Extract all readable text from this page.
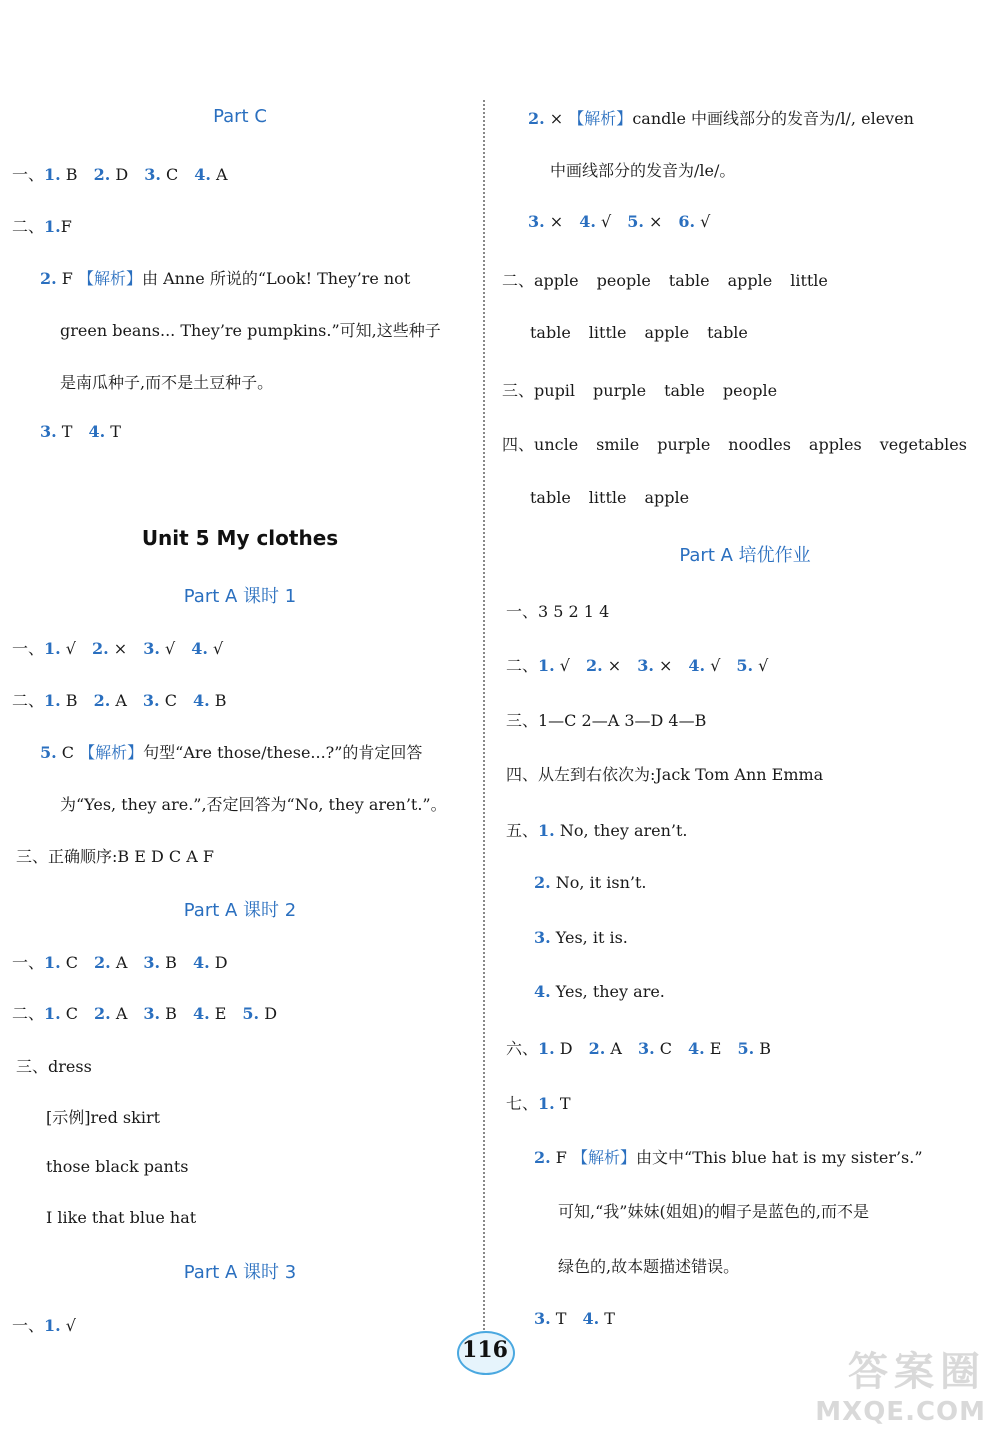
Part C
一、1. B 2. D 3. C 4. A
二、1.F
2. F 【解析】由 Anne 所说的“Look! They’re not
green beans... They’re pumpkins.”可知,这些种子
是南瓜种子,而不是土豆种子。
3. T 4. T
Unit 5 My clothes
Part A 课时 1
一、1. √ 2. × 3. √ 4. √
二、1. B 2. A 3. C 4. B
5. C 【解析】句型“Are those/these...?”的肯定回答
为“Yes, they are.”,否定回答为“No, they aren’t.”。
三、正确顺序:B E D C A F
Part A 课时 2
一、1. C 2. A 3. B 4. D
二、1. C 2. A 3. B 4. E 5. D
三、dress
[示例]red skirt
those black pants
I like that blue hat
Part A 课时 3
一、1. √
2. × 【解析】candle 中画线部分的发音为/l/, eleven
中画线部分的发音为/le/。
3. × 4. √ 5. × 6. √
二、apple people table apple little
table little apple table
三、pupil purple table people
四、uncle smile purple noodles apples vegetables
table little apple
Part A 培优作业
一、3 5 2 1 4
二、1. √ 2. × 3. × 4. √ 5. √
三、1—C 2—A 3—D 4—B
四、从左到右依次为:Jack Tom Ann Emma
五、1. No, they aren’t.
2. No, it isn’t.
3. Yes, it is.
4. Yes, they are.
六、1. D 2. A 3. C 4. E 5. B
七、1. T
2. F 【解析】由文中“This blue hat is my sister’s.”
可知,“我”妹妹(姐姐)的帽子是蓝色的,而不是
绿色的,故本题描述错误。
3. T 4. T
116	答案圈
MXQE.COM
